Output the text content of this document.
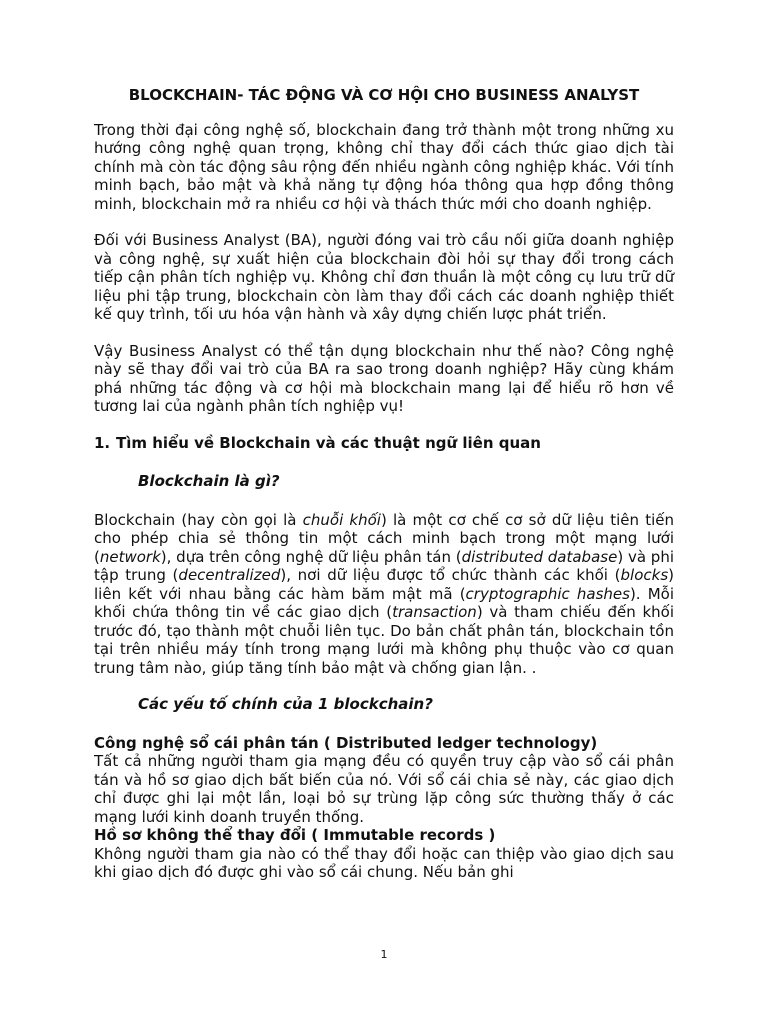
BLOCKCHAIN- TÁC ĐỘNG VÀ CƠ HỘI CHO BUSINESS ANALYST

Trong thời đại công nghệ số, blockchain đang trở thành một trong những xu hướng công nghệ quan trọng, không chỉ thay đổi cách thức giao dịch tài chính mà còn tác động sâu rộng đến nhiều ngành công nghiệp khác. Với tính minh bạch, bảo mật và khả năng tự động hóa thông qua hợp đồng thông minh, blockchain mở ra nhiều cơ hội và thách thức mới cho doanh nghiệp.

Đối với Business Analyst (BA), người đóng vai trò cầu nối giữa doanh nghiệp và công nghệ, sự xuất hiện của blockchain đòi hỏi sự thay đổi trong cách tiếp cận phân tích nghiệp vụ. Không chỉ đơn thuần là một công cụ lưu trữ dữ liệu phi tập trung, blockchain còn làm thay đổi cách các doanh nghiệp thiết kế quy trình, tối ưu hóa vận hành và xây dựng chiến lược phát triển.

Vậy Business Analyst có thể tận dụng blockchain như thế nào? Công nghệ này sẽ thay đổi vai trò của BA ra sao trong doanh nghiệp? Hãy cùng khám phá những tác động và cơ hội mà blockchain mang lại để hiểu rõ hơn về tương lai của ngành phân tích nghiệp vụ!

1. Tìm hiểu về Blockchain và các thuật ngữ liên quan
Blockchain là gì?

Blockchain (hay còn gọi là chuỗi khối) là một cơ chế cơ sở dữ liệu tiên tiến cho phép chia sẻ thông tin một cách minh bạch trong một mạng lưới (network), dựa trên công nghệ dữ liệu phân tán (distributed database) và phi tập trung (decentralized), nơi dữ liệu được tổ chức thành các khối (blocks) liên kết với nhau bằng các hàm băm mật mã (cryptographic hashes). Mỗi khối chứa thông tin về các giao dịch (transaction) và tham chiếu đến khối trước đó, tạo thành một chuỗi liên tục. Do bản chất phân tán, blockchain tồn tại trên nhiều máy tính trong mạng lưới mà không phụ thuộc vào cơ quan trung tâm nào, giúp tăng tính bảo mật và chống gian lận. .

Các yếu tố chính của 1 blockchain?
Công nghệ sổ cái phân tán ( Distributed ledger technology)

Tất cả những người tham gia mạng đều có quyền truy cập vào sổ cái phân tán và hồ sơ giao dịch bất biến của nó. Với sổ cái chia sẻ này, các giao dịch chỉ được ghi lại một lần, loại bỏ sự trùng lặp công sức thường thấy ở các mạng lưới kinh doanh truyền thống.

Hồ sơ không thể thay đổi ( Immutable records )

Không người tham gia nào có thể thay đổi hoặc can thiệp vào giao dịch sau khi giao dịch đó được ghi vào sổ cái chung. Nếu bản ghi

1
